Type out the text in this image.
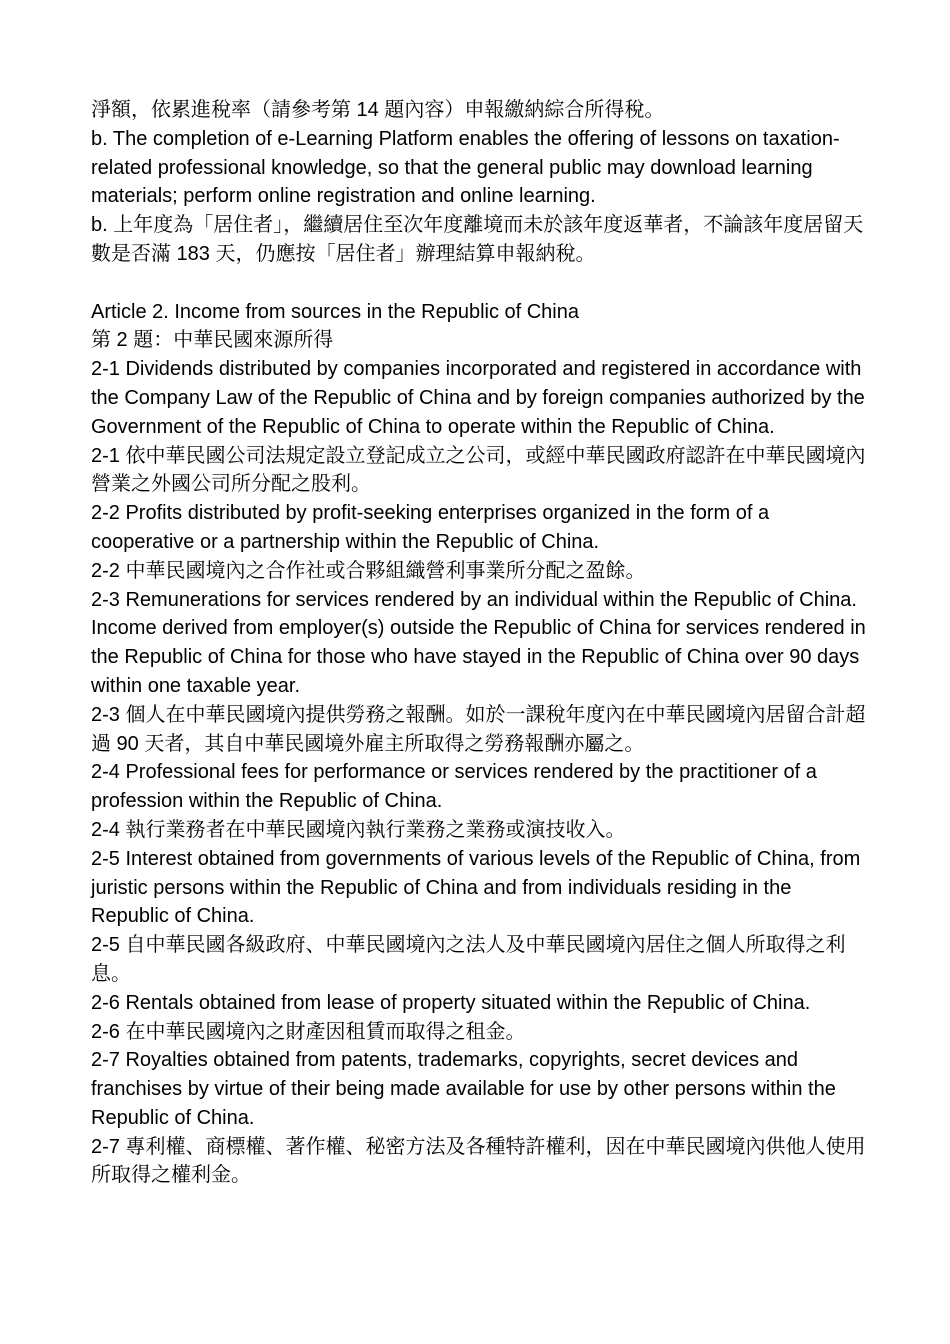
淨額，依累進稅率（請參考第 14 題內容）申報繳納綜合所得稅。

b. The completion of e-Learning Platform enables the offering of lessons on taxation-related professional knowledge, so that the general public may download learning materials; perform online registration and online learning.

b. 上年度為「居住者」，繼續居住至次年度離境而未於該年度返華者，不論該年度居留天數是否滿 183 天，仍應按「居住者」辦理結算申報納稅。

Article 2. Income from sources in the Republic of China

第 2 題：中華民國來源所得

2-1 Dividends distributed by companies incorporated and registered in accordance with the Company Law of the Republic of China and by foreign companies authorized by the Government of the Republic of China to operate within the Republic of China.

2-1 依中華民國公司法規定設立登記成立之公司，或經中華民國政府認許在中華民國境內營業之外國公司所分配之股利。

2-2 Profits distributed by profit-seeking enterprises organized in the form of a cooperative or a partnership within the Republic of China.

2-2 中華民國境內之合作社或合夥組織營利事業所分配之盈餘。

2-3 Remunerations for services rendered by an individual within the Republic of China. Income derived from employer(s) outside the Republic of China for services rendered in the Republic of China for those who have stayed in the Republic of China over 90 days within one taxable year.

2-3 個人在中華民國境內提供勞務之報酬。如於一課稅年度內在中華民國境內居留合計超過 90 天者，其自中華民國境外雇主所取得之勞務報酬亦屬之。

2-4 Professional fees for performance or services rendered by the practitioner of a profession within the Republic of China.

2-4 執行業務者在中華民國境內執行業務之業務或演技收入。

2-5 Interest obtained from governments of various levels of the Republic of China, from juristic persons within the Republic of China and from individuals residing in the Republic of China.

2-5 自中華民國各級政府、中華民國境內之法人及中華民國境內居住之個人所取得之利息。

2-6 Rentals obtained from lease of property situated within the Republic of China.

2-6 在中華民國境內之財產因租賃而取得之租金。

2-7 Royalties obtained from patents, trademarks, copyrights, secret devices and franchises by virtue of their being made available for use by other persons within the Republic of China.

2-7 專利權、商標權、著作權、秘密方法及各種特許權利，因在中華民國境內供他人使用所取得之權利金。
